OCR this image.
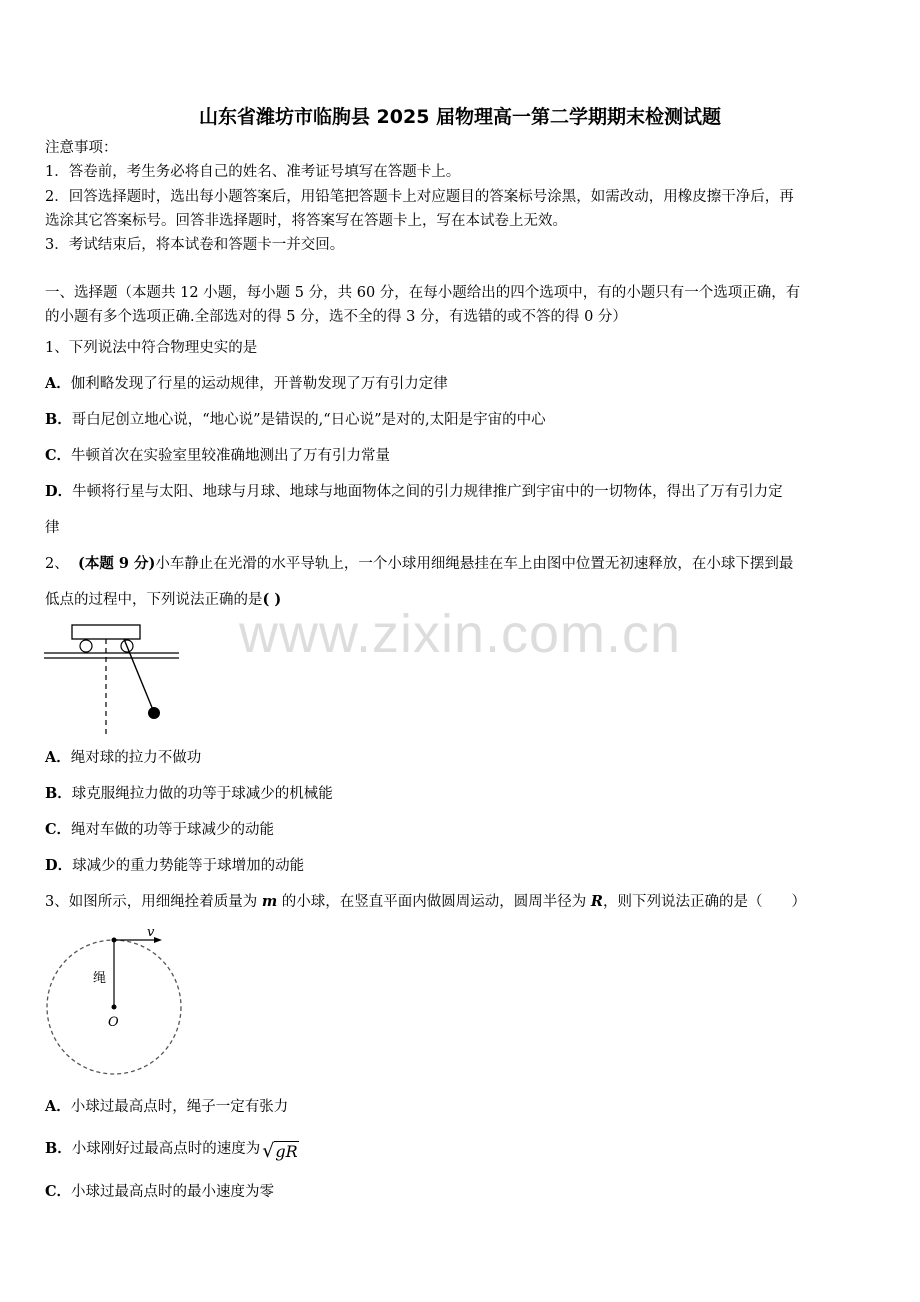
山东省潍坊市临朐县 2025 届物理高一第二学期期末检测试题
注意事项：
1．答卷前，考生务必将自己的姓名、准考证号填写在答题卡上。
2．回答选择题时，选出每小题答案后，用铅笔把答题卡上对应题目的答案标号涂黑，如需改动，用橡皮擦干净后，再
选涂其它答案标号。回答非选择题时，将答案写在答题卡上，写在本试卷上无效。
3．考试结束后，将本试卷和答题卡一并交回。
一、选择题（本题共 12 小题，每小题 5 分，共 60 分，在每小题给出的四个选项中，有的小题只有一个选项正确，有
的小题有多个选项正确.全部选对的得 5 分，选不全的得 3 分，有选错的或不答的得 0 分）
1、下列说法中符合物理史实的是
A．伽利略发现了行星的运动规律，开普勒发现了万有引力定律
B．哥白尼创立地心说，“地心说”是错误的,“日心说”是对的,太阳是宇宙的中心
C．牛顿首次在实验室里较准确地测出了万有引力常量
D．牛顿将行星与太阳、地球与月球、地球与地面物体之间的引力规律推广到宇宙中的一切物体，得出了万有引力定
律
2、 (本题 9 分)小车静止在光滑的水平导轨上，一个小球用细绳悬挂在车上由图中位置无初速释放，在小球下摆到最
低点的过程中，下列说法正确的是( )
www.zixin.com.cn
A．绳对球的拉力不做功
B．球克服绳拉力做的功等于球减少的机械能
C．绳对车做的功等于球减少的动能
D．球减少的重力势能等于球增加的动能
3、如图所示，用细绳拴着质量为 m 的小球，在竖直平面内做圆周运动，圆周半径为 R，则下列说法正确的是（　　）
v
绳
O
A．小球过最高点时，绳子一定有张力
B．小球刚好过最高点时的速度为 √gR
C．小球过最高点时的最小速度为零
